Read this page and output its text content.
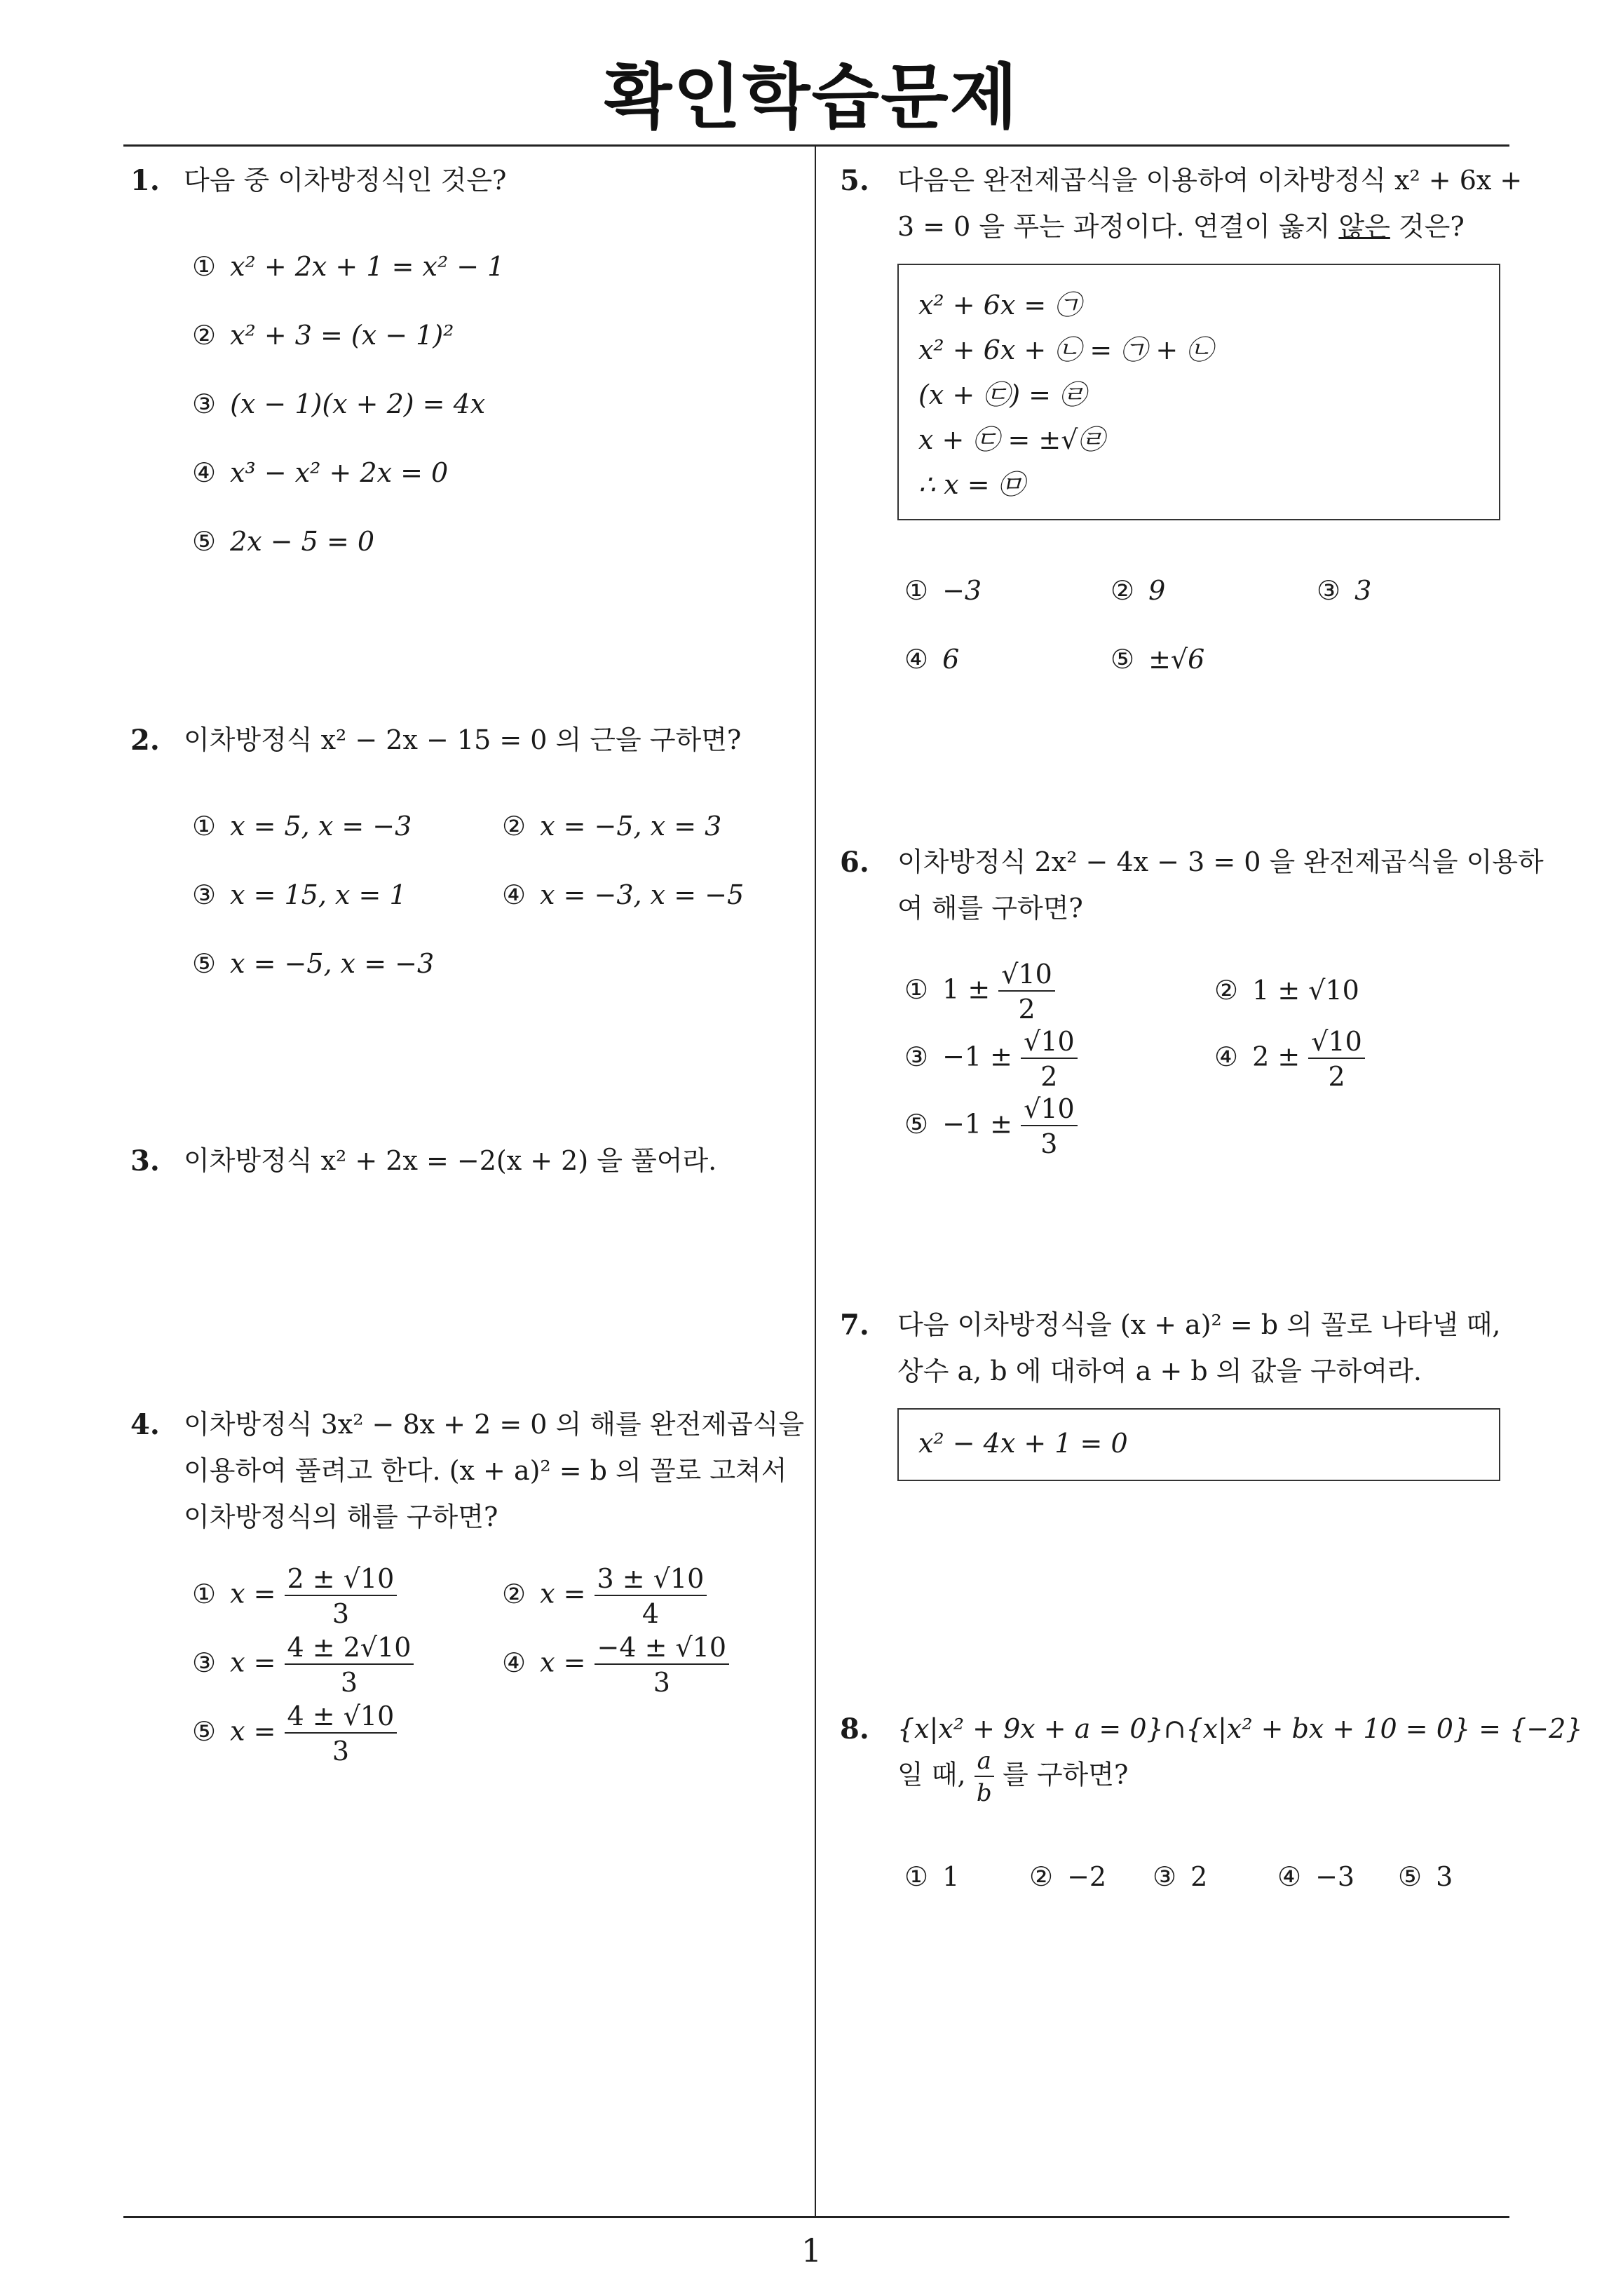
확인학습문제
1
1. 다음 중 이차방정식인 것은?
① x² + 2x + 1 = x² − 1
② x² + 3 = (x − 1)²
③ (x − 1)(x + 2) = 4x
④ x³ − x² + 2x = 0
⑤ 2x − 5 = 0
2. 이차방정식 x² − 2x − 15 = 0 의 근을 구하면?
① x = 5, x = −3	② x = −5, x = 3
③ x = 15, x = 1	④ x = −3, x = −5
⑤ x = −5, x = −3
3. 이차방정식 x² + 2x = −2(x + 2) 을 풀어라.
4. 이차방정식 3x² − 8x + 2 = 0 의 해를 완전제곱식을
이용하여 풀려고 한다. (x + a)² = b 의 꼴로 고쳐서
이차방정식의 해를 구하면?
① $x = \frac{2 \pm √10}{3}$	② $x = \frac{3 \pm √10}{4}$
③ $x = \frac{4 \pm 2√10}{3}$	④ $x = \frac{-4 \pm √10}{3}$
⑤ $x = \frac{4 \pm √10}{3}$
5. 다음은 완전제곱식을 이용하여 이차방정식 x² + 6x +
3 = 0 을 푸는 과정이다. 연결이 옳지 않은 것은?
x² + 6x = ㉠
x² + 6x + ㉡ = ㉠ + ㉡
(x + ㉢) = ㉣
x + ㉢ = ±√㉣
∴ x = ㉤
① −3	② 9	③ 3
④ 6	⑤ ±√6
6. 이차방정식 2x² − 4x − 3 = 0 을 완전제곱식을 이용하
여 해를 구하면?
① $1 \pm \frac{√10}{2}$	② 1 ± √10
③ $-1 \pm \frac{√10}{2}$	④ $2 \pm \frac{√10}{2}$
⑤ $-1 \pm \frac{√10}{3}$
7. 다음 이차방정식을 (x + a)² = b 의 꼴로 나타낼 때,
상수 a, b 에 대하여 a + b 의 값을 구하여라.
x² − 4x + 1 = 0
8. {x|x² + 9x + a = 0}∩{x|x² + bx + 10 = 0} = {−2}
일 때, $\frac{a}{b}$ 를 구하면?
① 1	② −2 ③ 2	④ −3 ⑤ 3
